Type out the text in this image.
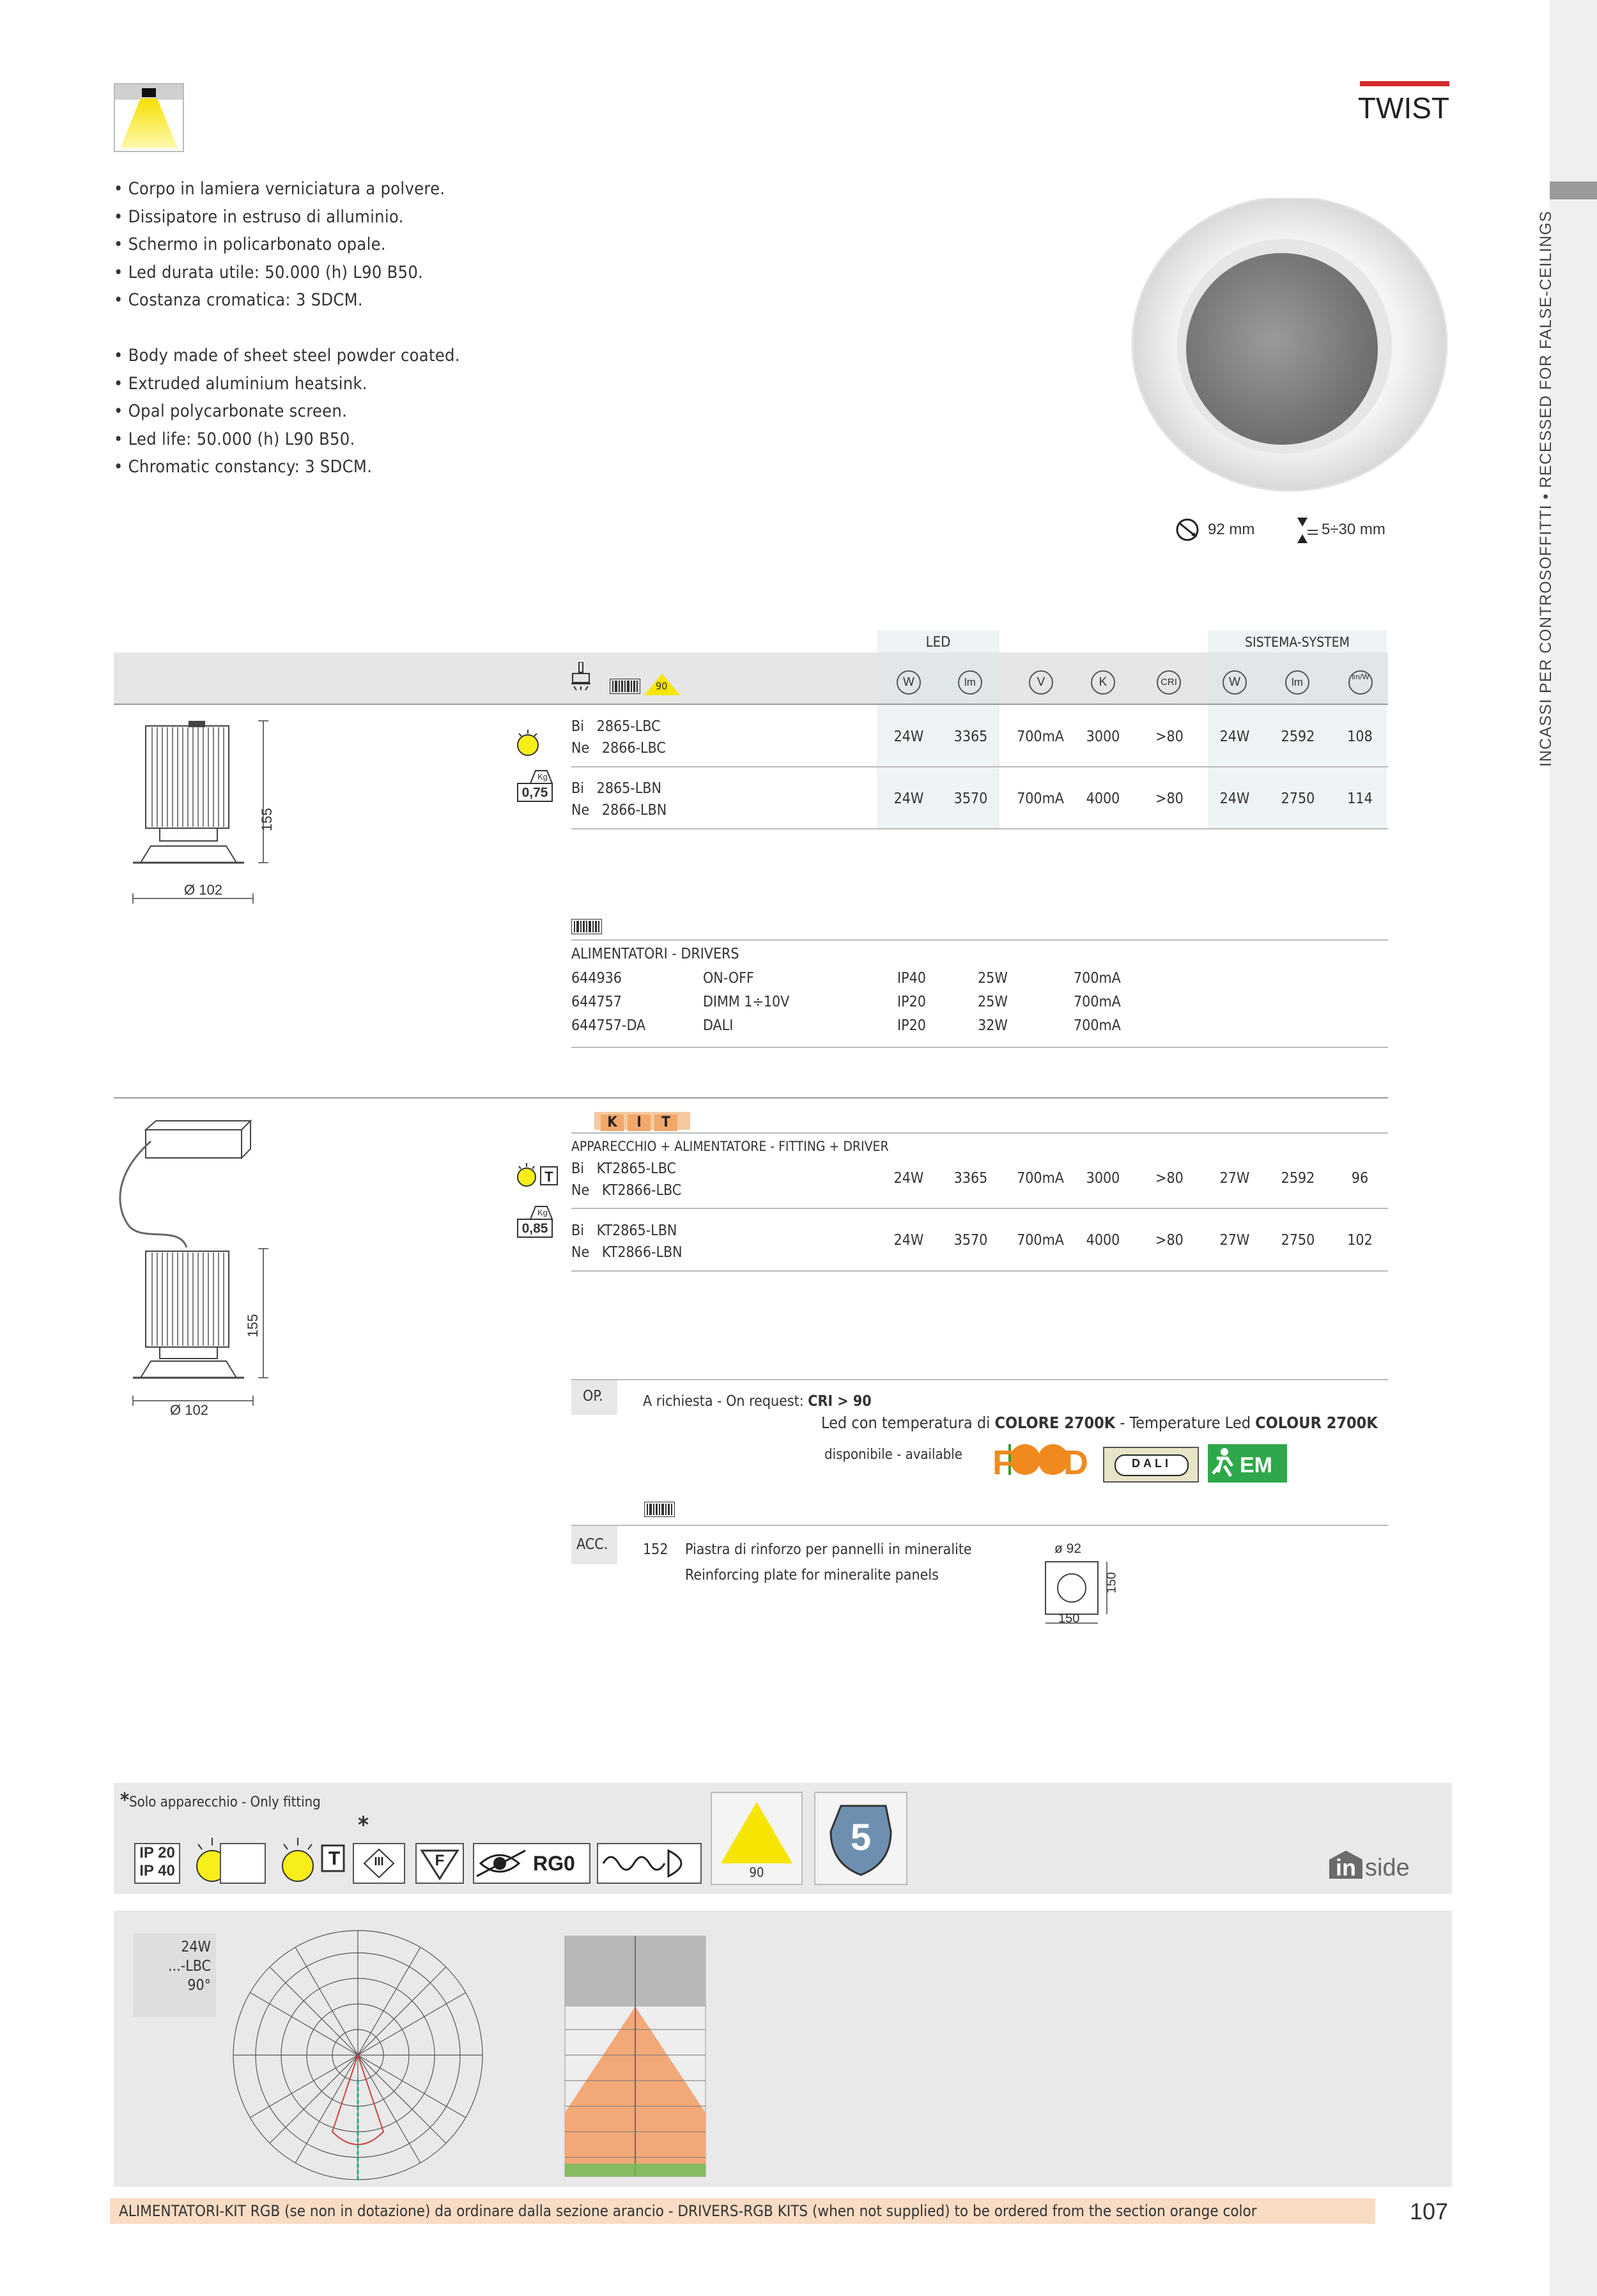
INCASSI PER CONTROSOFFITTI • RECESSED FOR FALSE-CEILINGS
TWIST
• Corpo in lamiera verniciatura a polvere.
• Dissipatore in estruso di alluminio.
• Schermo in policarbonato opale.
• Led durata utile: 50.000 (h) L90 B50.
• Costanza cromatica: 3 SDCM.
• Body made of sheet steel powder coated.
• Extruded aluminium heatsink.
• Opal polycarbonate screen.
• Led life: 50.000 (h) L90 B50.
• Chromatic constancy: 3 SDCM.
92 mm	5÷30 mm
LED	SISTEMA-SYSTEM
90	W	lm	V	K	CRI	W	lm	lm/W
155
Ø 102
Kg
0,75
Bi   2865-LBC
Ne   2866-LBC
Bi   2865-LBN
Ne   2866-LBN
24W	3365	700mA	3000	>80	24W	2592	108
24W	3570	700mA	4000	>80	24W	2750	114
ALIMENTATORI - DRIVERS
644936	ON-OFF	IP40	25W	700mA
644757	DIMM 1÷10V	IP20	25W	700mA
644757-DA	DALI	IP20	32W	700mA
K	I	T
APPARECCHIO + ALIMENTATORE - FITTING + DRIVER
T
Kg
0,85
Bi   KT2865-LBC
Ne   KT2866-LBC
Bi   KT2865-LBN
Ne   KT2866-LBN
24W	3365	700mA	3000	>80	27W	2592	96
24W	3570	700mA	4000	>80	27W	2750	102
155
Ø 102
OP.	A richiesta - On request: CRI > 90
Led con temperatura di COLORE 2700K - Temperature Led COLOUR 2700K
disponibile - available FOOD	DALI	EM
ACC. 152 Piastra di rinforzo per pannelli in mineralite
Reinforcing plate for mineralite panels
ø 92
150
150
*Solo apparecchio - Only fitting
IP 20
IP 40
T
*
III	F	RG0	90
5
in side
24W
...-LBC
90°
ALIMENTATORI-KIT RGB (se non in dotazione) da ordinare dalla sezione arancio - DRIVERS-RGB KITS (when not supplied) to be ordered from the section orange color	107
